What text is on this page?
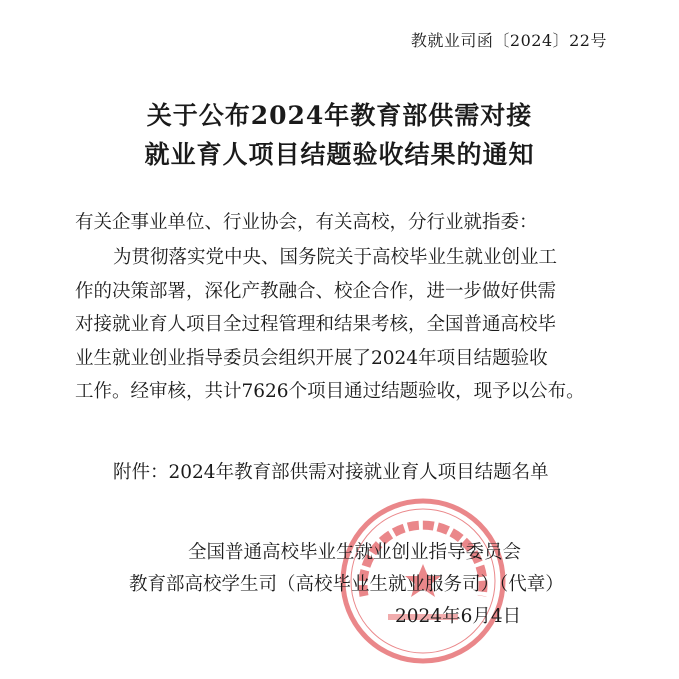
教就业司函〔2024〕22号
关于公布2024年教育部供需对接
就业育人项目结题验收结果的通知
有关企事业单位、行业协会，有关高校，分行业就指委：
为贯彻落实党中央、国务院关于高校毕业生就业创业工
作的决策部署，深化产教融合、校企合作，进一步做好供需
对接就业育人项目全过程管理和结果考核，全国普通高校毕
业生就业创业指导委员会组织开展了2024年项目结题验收
工作。经审核，共计7626个项目通过结题验收，现予以公布。
附件：2024年教育部供需对接就业育人项目结题名单
全国普通高校毕业生就业创业指导委员会
教育部高校学生司（高校毕业生就业服务司）（代章）
2024年6月4日
